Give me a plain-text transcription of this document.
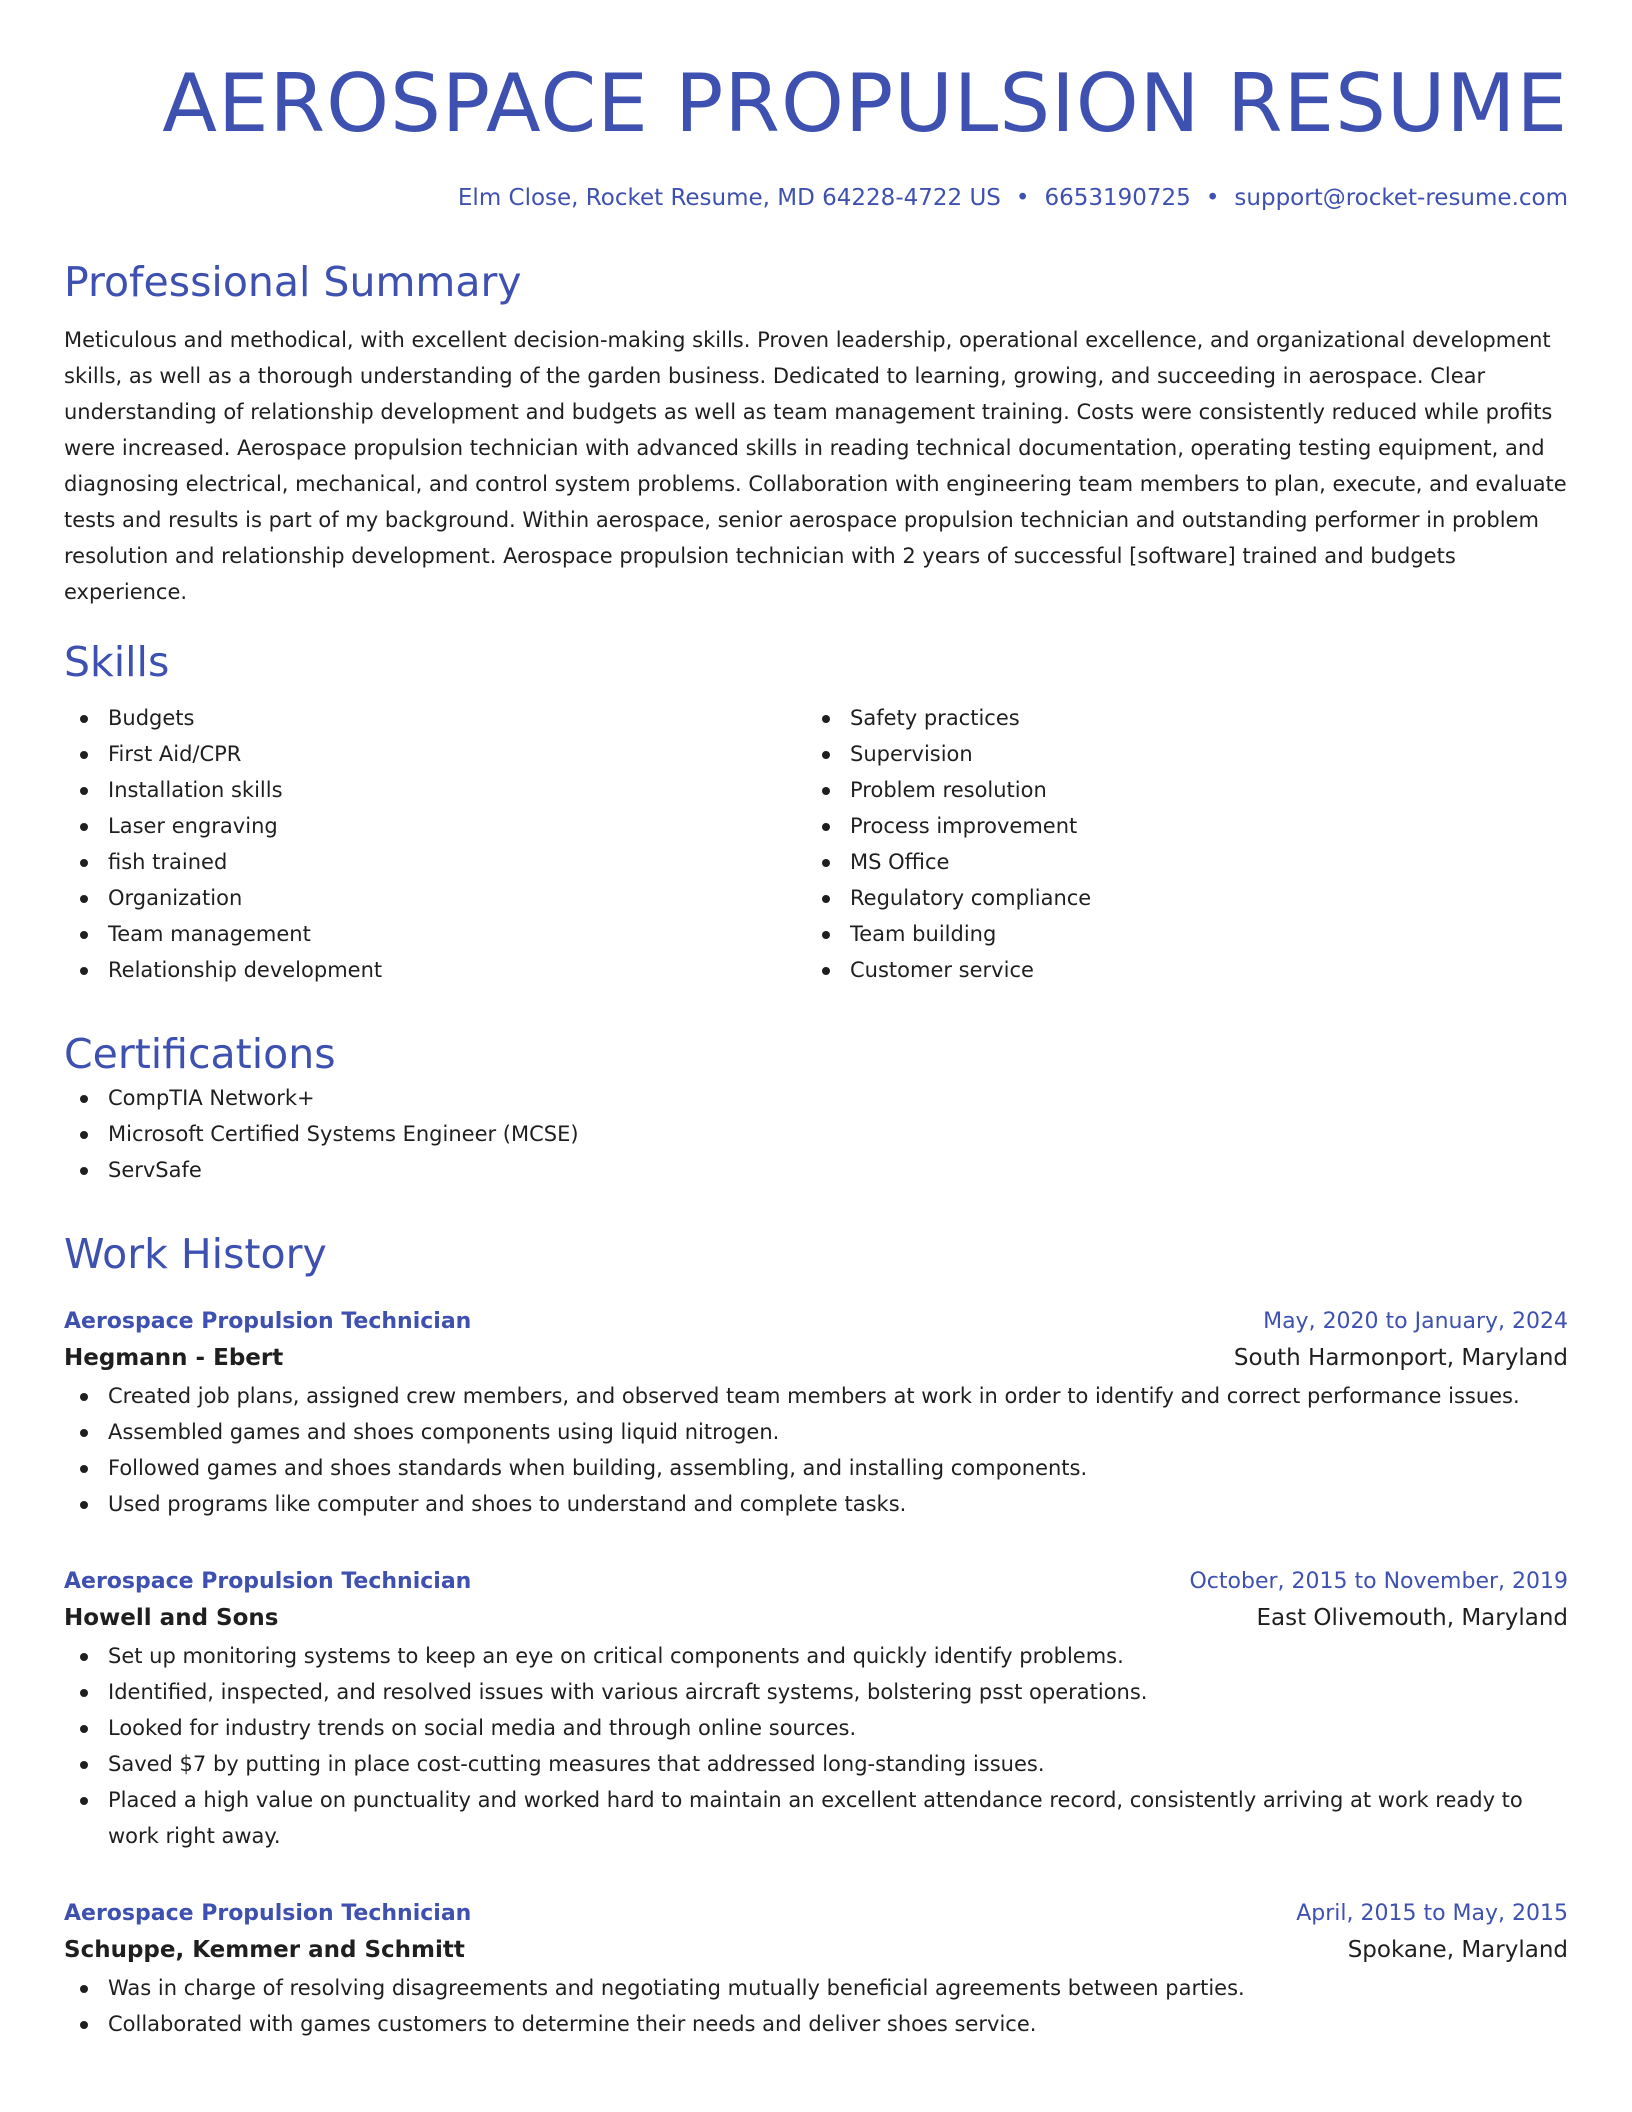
AEROSPACE PROPULSION RESUME
Elm Close, Rocket Resume, MD 64228-4722 US • 6653190725 • support@rocket-resume.com
Professional Summary
Meticulous and methodical, with excellent decision-making skills. Proven leadership, operational excellence, and organizational development skills, as well as a thorough understanding of the garden business. Dedicated to learning, growing, and succeeding in aerospace. Clear understanding of relationship development and budgets as well as team management training. Costs were consistently reduced while profits were increased. Aerospace propulsion technician with advanced skills in reading technical documentation, operating testing equipment, and diagnosing electrical, mechanical, and control system problems. Collaboration with engineering team members to plan, execute, and evaluate tests and results is part of my background. Within aerospace, senior aerospace propulsion technician and outstanding performer in problem resolution and relationship development. Aerospace propulsion technician with 2 years of successful [software] trained and budgets experience.
Skills
Budgets
First Aid/CPR
Installation skills
Laser engraving
fish trained
Organization
Team management
Relationship development
Safety practices
Supervision
Problem resolution
Process improvement
MS Office
Regulatory compliance
Team building
Customer service
Certifications
CompTIA Network+
Microsoft Certified Systems Engineer (MCSE)
ServSafe
Work History
Aerospace Propulsion Technician	May, 2020 to January, 2024
Hegmann - Ebert	South Harmonport, Maryland
Created job plans, assigned crew members, and observed team members at work in order to identify and correct performance issues.
Assembled games and shoes components using liquid nitrogen.
Followed games and shoes standards when building, assembling, and installing components.
Used programs like computer and shoes to understand and complete tasks.
Aerospace Propulsion Technician	October, 2015 to November, 2019
Howell and Sons	East Olivemouth, Maryland
Set up monitoring systems to keep an eye on critical components and quickly identify problems.
Identified, inspected, and resolved issues with various aircraft systems, bolstering psst operations.
Looked for industry trends on social media and through online sources.
Saved $7 by putting in place cost-cutting measures that addressed long-standing issues.
Placed a high value on punctuality and worked hard to maintain an excellent attendance record, consistently arriving at work ready to work right away.
Aerospace Propulsion Technician	April, 2015 to May, 2015
Schuppe, Kemmer and Schmitt	Spokane, Maryland
Was in charge of resolving disagreements and negotiating mutually beneficial agreements between parties.
Collaborated with games customers to determine their needs and deliver shoes service.
